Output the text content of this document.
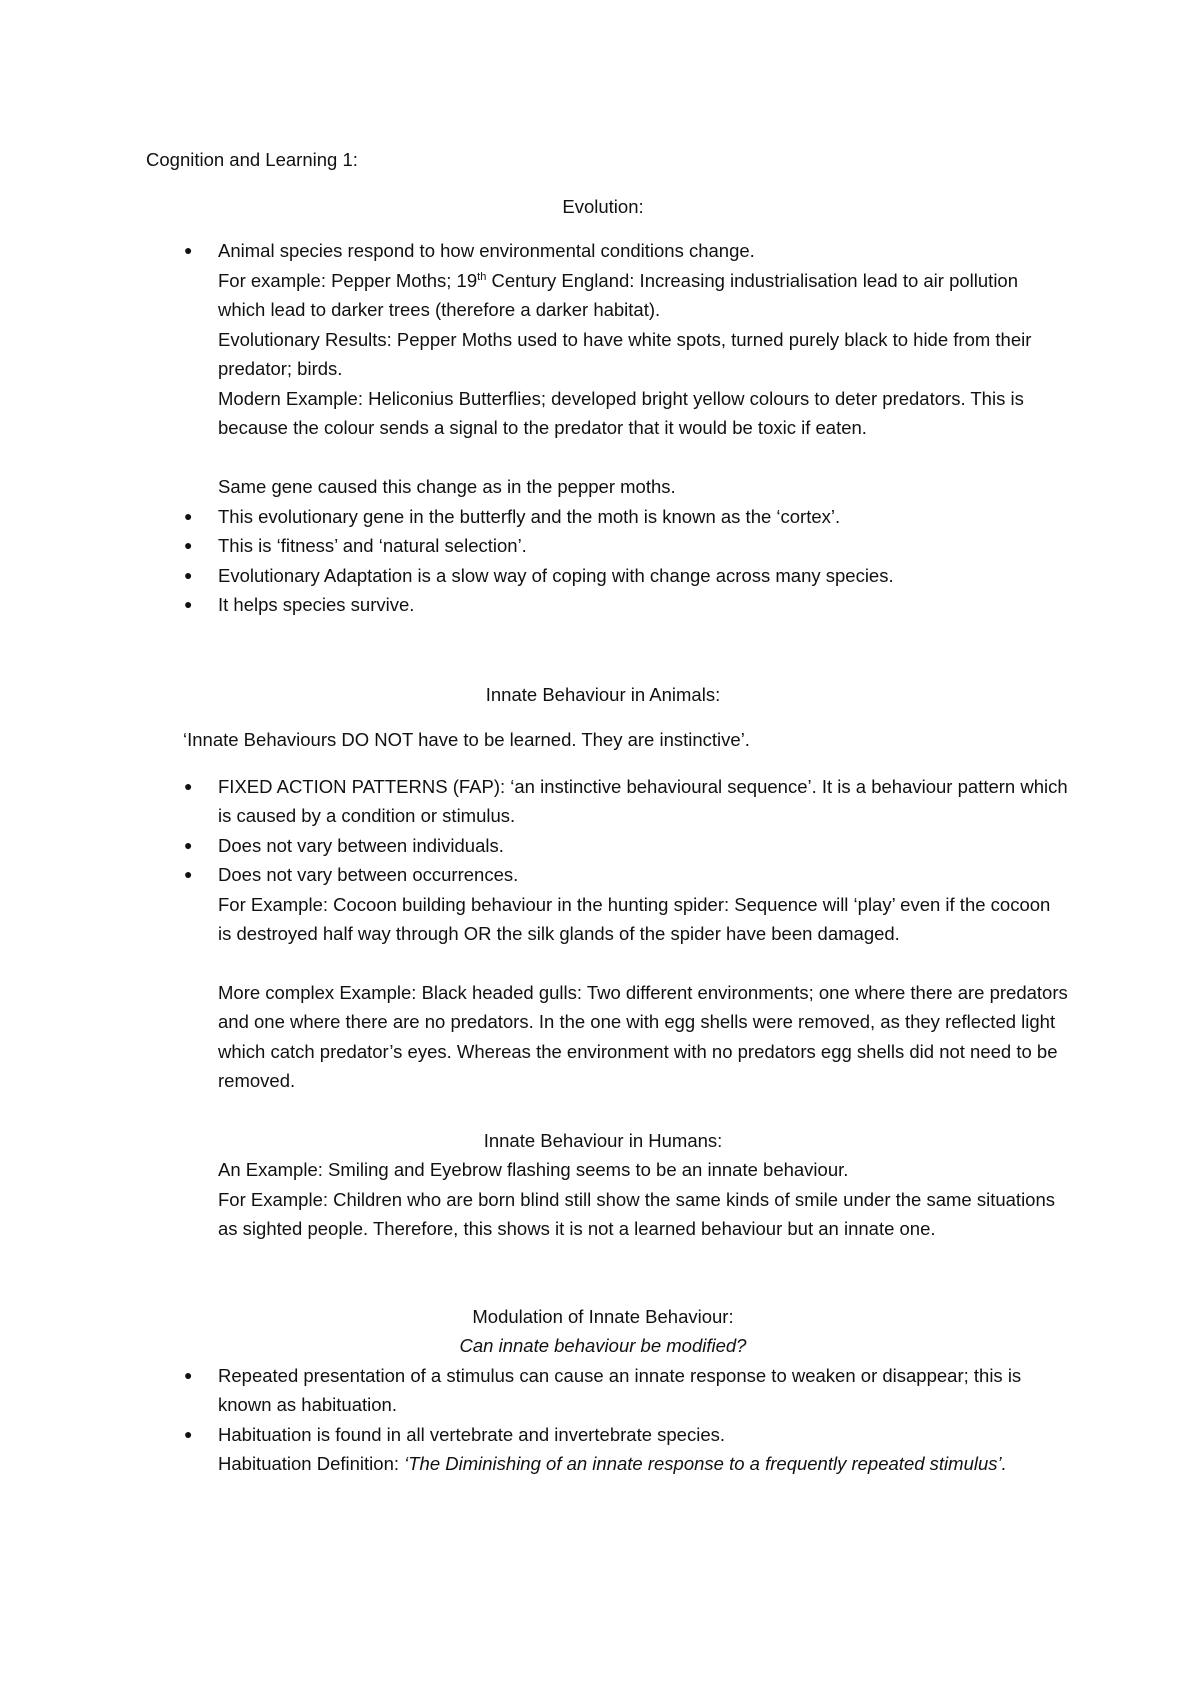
Cognition and Learning 1:
Evolution:
● Animal species respond to how environmental conditions change.
For example: Pepper Moths; 19th Century England: Increasing industrialisation lead to air pollution which lead to darker trees (therefore a darker habitat).
Evolutionary Results: Pepper Moths used to have white spots, turned purely black to hide from their predator; birds.
Modern Example: Heliconius Butterflies; developed bright yellow colours to deter predators. This is because the colour sends a signal to the predator that it would be toxic if eaten.
Same gene caused this change as in the pepper moths.
● This evolutionary gene in the butterfly and the moth is known as the ‘cortex’.
● This is ‘fitness’ and ‘natural selection’.
● Evolutionary Adaptation is a slow way of coping with change across many species.
● It helps species survive.
Innate Behaviour in Animals:
‘Innate Behaviours DO NOT have to be learned. They are instinctive’.
● FIXED ACTION PATTERNS (FAP): ‘an instinctive behavioural sequence’. It is a behaviour pattern which is caused by a condition or stimulus.
● Does not vary between individuals.
● Does not vary between occurrences.
For Example: Cocoon building behaviour in the hunting spider: Sequence will ‘play’ even if the cocoon is destroyed half way through OR the silk glands of the spider have been damaged.
More complex Example: Black headed gulls: Two different environments; one where there are predators and one where there are no predators. In the one with egg shells were removed, as they reflected light which catch predator’s eyes. Whereas the environment with no predators egg shells did not need to be removed.
Innate Behaviour in Humans:
An Example: Smiling and Eyebrow flashing seems to be an innate behaviour.
For Example: Children who are born blind still show the same kinds of smile under the same situations as sighted people. Therefore, this shows it is not a learned behaviour but an innate one.
Modulation of Innate Behaviour:
Can innate behaviour be modified?
● Repeated presentation of a stimulus can cause an innate response to weaken or disappear; this is known as habituation.
● Habituation is found in all vertebrate and invertebrate species.
Habituation Definition: ‘The Diminishing of an innate response to a frequently repeated stimulus’.
